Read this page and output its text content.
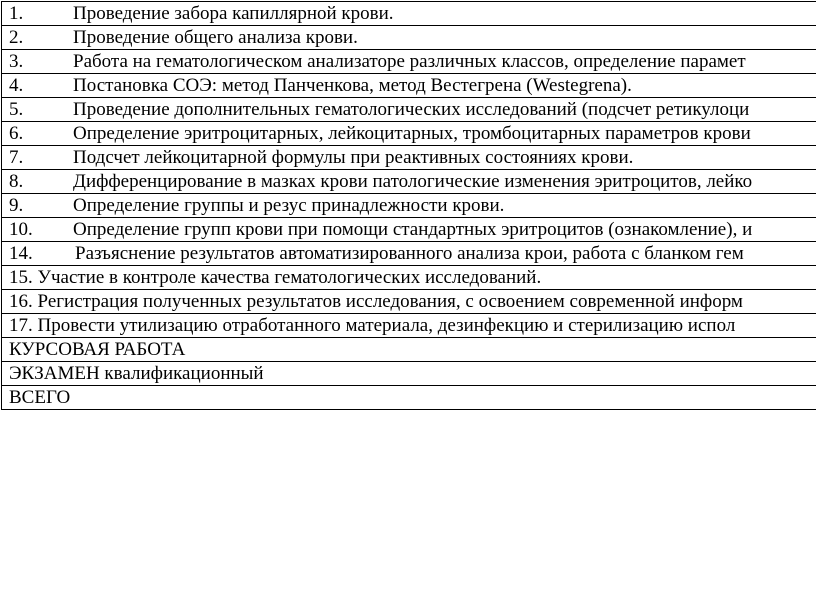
1.	Проведение забора капиллярной крови.
2.	Проведение общего анализа крови.
3.	Работа на гематологическом анализаторе различных классов, определение парамет
4.	Постановка СОЭ: метод Панченкова, метод Вестегрена (Westegrena).
5.	Проведение дополнительных гематологических исследований (подсчет ретикулоци
6.	Определение эритроцитарных, лейкоцитарных, тромбоцитарных параметров крови
7.	Подсчет лейкоцитарной формулы при реактивных состояниях крови.
8.	Дифференцирование в мазках крови патологические изменения эритроцитов, лейко
9.	Определение группы и резус принадлежности крови.
10. Определение групп крови при помощи стандартных эритроцитов (ознакомление), и
14. Разъяснение результатов автоматизированного анализа крои, работа с бланком гем
15. Участие в контроле качества гематологических исследований.
16. Регистрация полученных результатов исследования, с освоением современной информ
17. Провести утилизацию отработанного материала, дезинфекцию и стерилизацию испол
КУРСОВАЯ РАБОТА
ЭКЗАМЕН квалификационный
ВСЕГО
